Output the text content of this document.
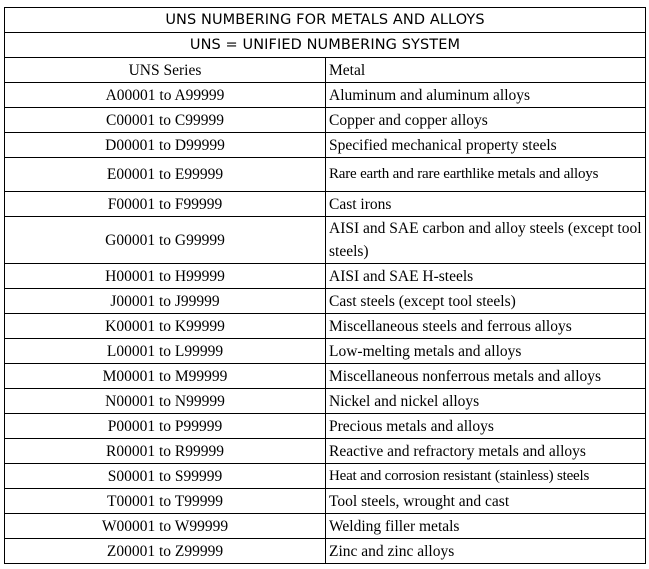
UNS NUMBERING FOR METALS AND ALLOYS	
UNS = UNIFIED NUMBERING SYSTEM	
UNS Series	Metal
A00001 to A99999	Aluminum and aluminum alloys
C00001 to C99999	Copper and copper alloys
D00001 to D99999	Specified mechanical property steels
E00001 to E99999	Rare earth and rare earthlike metals and alloys
F00001 to F99999	Cast irons
G00001 to G99999	AISI and SAE carbon and alloy steels (except tool steels)
H00001 to H99999	AISI and SAE H-steels
J00001 to J99999	Cast steels (except tool steels)
K00001 to K99999	Miscellaneous steels and ferrous alloys
L00001 to L99999	Low-melting metals and alloys
M00001 to M99999	Miscellaneous nonferrous metals and alloys
N00001 to N99999	Nickel and nickel alloys
P00001 to P99999	Precious metals and alloys
R00001 to R99999	Reactive and refractory metals and alloys
S00001 to S99999	Heat and corrosion resistant (stainless) steels
T00001 to T99999	Tool steels, wrought and cast
W00001 to W99999	Welding filler metals
Z00001 to Z99999	Zinc and zinc alloys
